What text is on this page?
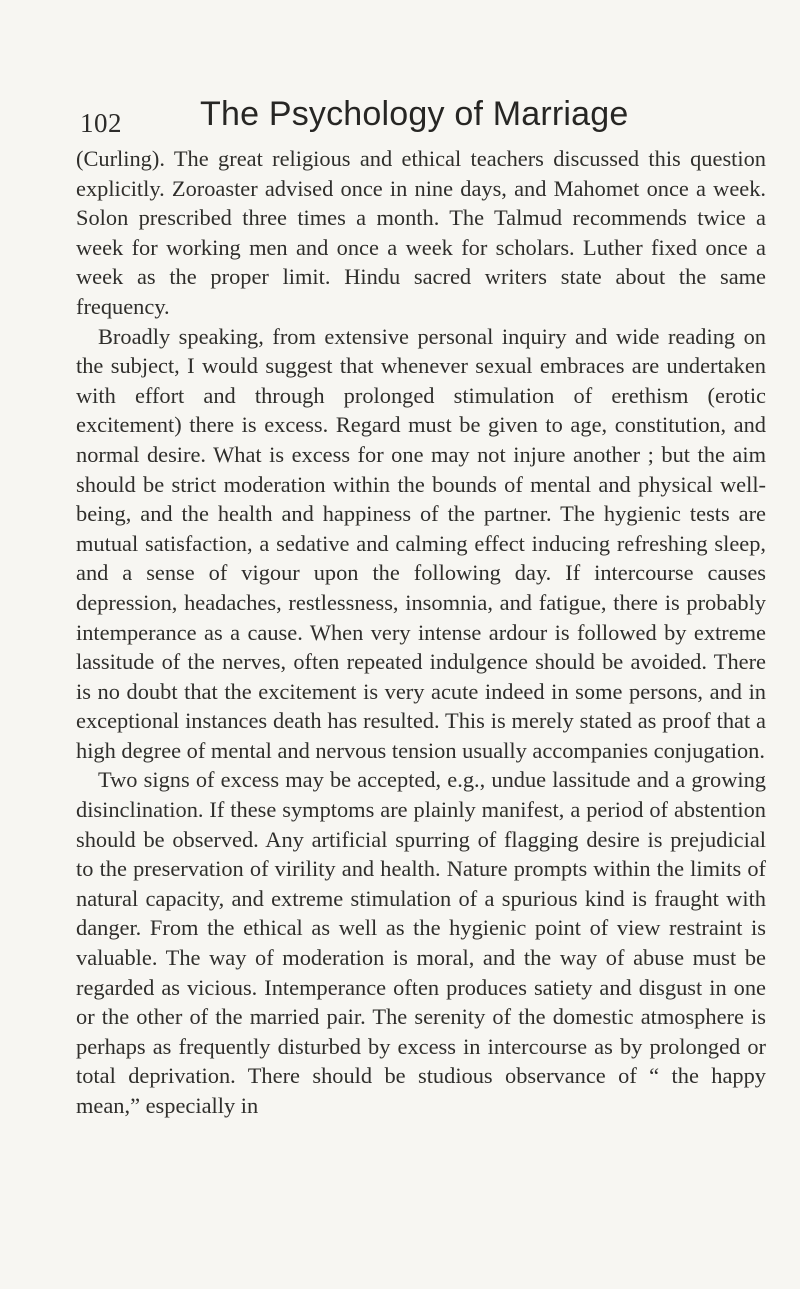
102 The Psychology of Marriage

(Curling). The great religious and ethical teachers discussed this question explicitly. Zoroaster advised once in nine days, and Mahomet once a week. Solon prescribed three times a month. The Talmud recommends twice a week for working men and once a week for scholars. Luther fixed once a week as the proper limit. Hindu sacred writers state about the same frequency.

Broadly speaking, from extensive personal inquiry and wide reading on the subject, I would suggest that whenever sexual embraces are undertaken with effort and through prolonged stimulation of erethism (erotic excitement) there is excess. Regard must be given to age, constitution, and normal desire. What is excess for one may not injure another ; but the aim should be strict moderation within the bounds of mental and physical well-being, and the health and happiness of the partner. The hygienic tests are mutual satisfaction, a sedative and calming effect inducing refreshing sleep, and a sense of vigour upon the following day. If intercourse causes depression, headaches, restlessness, insomnia, and fatigue, there is probably intemperance as a cause. When very intense ardour is followed by extreme lassitude of the nerves, often repeated indulgence should be avoided. There is no doubt that the excitement is very acute indeed in some persons, and in exceptional instances death has resulted. This is merely stated as proof that a high degree of mental and nervous tension usually accompanies conjugation.

Two signs of excess may be accepted, e.g., undue lassitude and a growing disinclination. If these symptoms are plainly manifest, a period of abstention should be observed. Any artificial spurring of flagging desire is prejudicial to the preservation of virility and health. Nature prompts within the limits of natural capacity, and extreme stimulation of a spurious kind is fraught with danger. From the ethical as well as the hygienic point of view restraint is valuable. The way of moderation is moral, and the way of abuse must be regarded as vicious. Intemperance often produces satiety and disgust in one or the other of the married pair. The serenity of the domestic atmosphere is perhaps as frequently disturbed by excess in intercourse as by prolonged or total deprivation. There should be studious observance of “ the happy mean,” especially in
